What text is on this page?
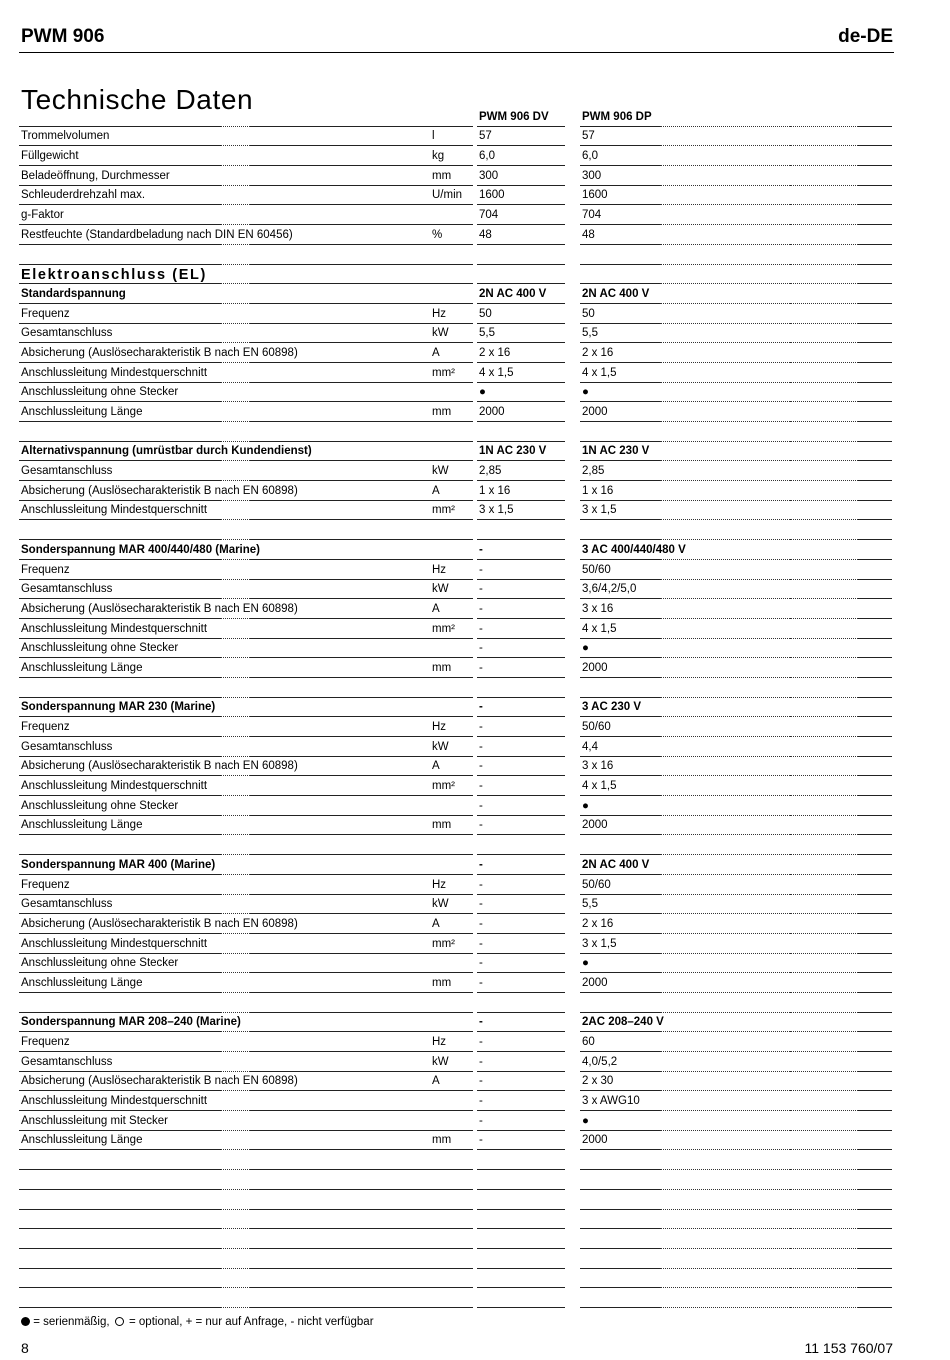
PWM 906	de-DE
Technische Daten
PWM 906 DV	PWM 906 DP
Trommelvolumen	l	57	57
Füllgewicht	kg	6,0	6,0
Beladeöffnung, Durchmesser	mm 300	300
Schleuderdrehzahl max.	U/min 1600	1600
g-Faktor	704	704
Restfeuchte (Standardbeladung nach DIN EN 60456)	%	48	48
Elektroanschluss (EL)
Standardspannung	2N AC 400 V	2N AC 400 V
Frequenz	Hz	50	50
Gesamtanschluss	kW	5,5	5,5
Absicherung (Auslösecharakteristik B nach EN 60898)	A	2 x 16	2 x 16
Anschlussleitung Mindestquerschnitt	mm² 4 x 1,5	4 x 1,5
Anschlussleitung ohne Stecker	●	●
Anschlussleitung Länge	mm 2000	2000
Alternativspannung (umrüstbar durch Kundendienst)	1N AC 230 V	1N AC 230 V
Gesamtanschluss	kW	2,85	2,85
Absicherung (Auslösecharakteristik B nach EN 60898)	A	1 x 16	1 x 16
Anschlussleitung Mindestquerschnitt	mm² 3 x 1,5	3 x 1,5
Sonderspannung MAR 400/440/480 (Marine)	-	3 AC 400/440/480 V
Frequenz	Hz	-	50/60
Gesamtanschluss	kW	-	3,6/4,2/5,0
Absicherung (Auslösecharakteristik B nach EN 60898)	A	-	3 x 16
Anschlussleitung Mindestquerschnitt	mm² -	4 x 1,5
Anschlussleitung ohne Stecker	-	●
Anschlussleitung Länge	mm -	2000
Sonderspannung MAR 230 (Marine)	-	3 AC 230 V
Frequenz	Hz	-	50/60
Gesamtanschluss	kW	-	4,4
Absicherung (Auslösecharakteristik B nach EN 60898)	A	-	3 x 16
Anschlussleitung Mindestquerschnitt	mm² -	4 x 1,5
Anschlussleitung ohne Stecker	-	●
Anschlussleitung Länge	mm -	2000
Sonderspannung MAR 400 (Marine)	-	2N AC 400 V
Frequenz	Hz	-	50/60
Gesamtanschluss	kW	-	5,5
Absicherung (Auslösecharakteristik B nach EN 60898)	A	-	2 x 16
Anschlussleitung Mindestquerschnitt	mm² -	3 x 1,5
Anschlussleitung ohne Stecker	-	●
Anschlussleitung Länge	mm -	2000
Sonderspannung MAR 208–240 (Marine)	-	2AC 208–240 V
Frequenz	Hz	-	60
Gesamtanschluss	kW	-	4,0/5,2
Absicherung (Auslösecharakteristik B nach EN 60898)	A	-	2 x 30
Anschlussleitung Mindestquerschnitt	-	3 x AWG10
Anschlussleitung mit Stecker	-	●
Anschlussleitung Länge	mm -	2000
= serienmäßig, = optional, + = nur auf Anfrage, - nicht verfügbar
8	11 153 760/07
